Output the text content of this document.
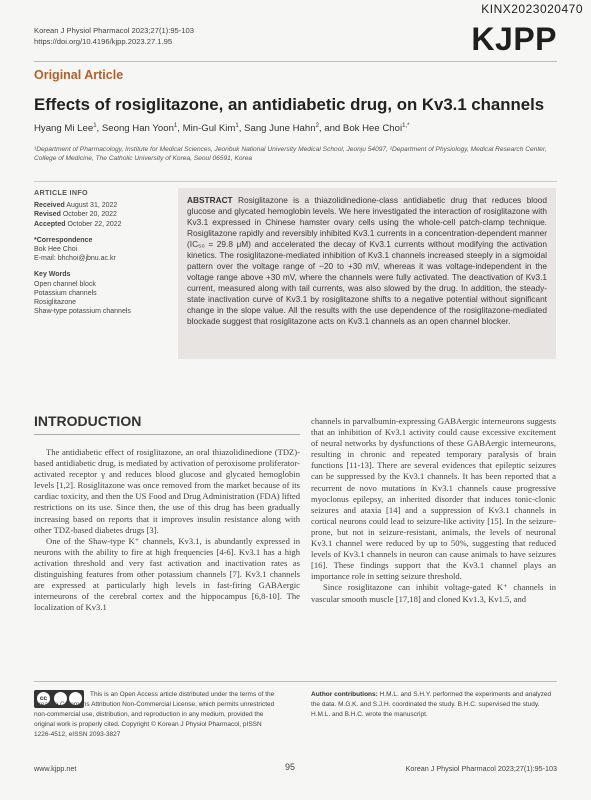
KINX2023020470
Korean J Physiol Pharmacol 2023;27(1):95-103
https://doi.org/10.4196/kjpp.2023.27.1.95	KJPP
Original Article
Effects of rosiglitazone, an antidiabetic drug, on Kv3.1 channels
Hyang Mi Lee$^1$, Seong Han Yoon$^1$, Min-Gul Kim$^1$, Sang June Hahn$^2$, and Bok Hee Choi$^{1,*}$
¹Department of Pharmacology, Institute for Medical Sciences, Jeonbuk National University Medical School, Jeonju 54097, ²Department of Physiology, Medical Research Center, College of Medicine, The Catholic University of Korea, Seoul 06591, Korea
ARTICLE INFO
Received August 31, 2022
Revised October 20, 2022
Accepted October 22, 2022
*Correspondence
Bok Hee Choi
E-mail: bhchoi@jbnu.ac.kr
Key Words
Open channel block
Potassium channels
Rosiglitazone
Shaw-type potassium channels
ABSTRACT Rosiglitazone is a thiazolidinedione-class antidiabetic drug that reduces blood glucose and glycated hemoglobin levels. We here investigated the interaction of rosiglitazone with Kv3.1 expressed in Chinese hamster ovary cells using the whole-cell patch-clamp technique. Rosiglitazone rapidly and reversibly inhibited Kv3.1 currents in a concentration-dependent manner (IC₅₀ = 29.8 μM) and accelerated the decay of Kv3.1 currents without modifying the activation kinetics. The rosiglitazone-mediated inhibition of Kv3.1 channels increased steeply in a sigmoidal pattern over the voltage range of −20 to +30 mV, whereas it was voltage-independent in the voltage range above +30 mV, where the channels were fully activated. The deactivation of Kv3.1 current, measured along with tail currents, was also slowed by the drug. In addition, the steady-state inactivation curve of Kv3.1 by rosiglitazone shifts to a negative potential without significant change in the slope value. All the results with the use dependence of the rosiglitazone-mediated blockade suggest that rosiglitazone acts on Kv3.1 channels as an open channel blocker.
INTRODUCTION

The antidiabetic effect of rosiglitazone, an oral thiazolidinedione (TDZ)-based antidiabetic drug, is mediated by activation of peroxisome proliferator-activated receptor γ and reduces blood glucose and glycated hemoglobin levels [1,2]. Rosiglitazone was once removed from the market because of its cardiac toxicity, and then the US Food and Drug Administration (FDA) lifted restrictions on its use. Since then, the use of this drug has been gradually increasing based on reports that it improves insulin resistance along with other TDZ-based diabetes drugs [3].

One of the Shaw-type K⁺ channels, Kv3.1, is abundantly expressed in neurons with the ability to fire at high frequencies [4-6]. Kv3.1 has a high activation threshold and very fast activation and inactivation rates as distinguishing features from other potassium channels [7]. Kv3.1 channels are expressed at particularly high levels in fast-firing GABAergic interneurons of the cerebral cortex and the hippocampus [6,8-10]. The localization of Kv3.1

channels in parvalbumin-expressing GABAergic interneurons suggests that an inhibition of Kv3.1 activity could cause excessive excitement of neural networks by dysfunctions of these GABAergic interneurons, resulting in chronic and repeated temporary paralysis of brain functions [11-13]. There are several evidences that epileptic seizures can be suppressed by the Kv3.1 channels. It has been reported that a recurrent de novo mutations in Kv3.1 channels cause progressive myoclonus epilepsy, an inherited disorder that induces tonic-clonic seizures and ataxia [14] and a suppression of Kv3.1 channels in cortical neurons could lead to seizure-like activity [15]. In the seizure-prone, but not in seizure-resistant, animals, the levels of neuronal Kv3.1 channel were reduced by up to 50%, suggesting that reduced levels of Kv3.1 channels in neuron can cause animals to have seizures [16]. These findings support that the Kv3.1 channel plays an importance role in setting seizure threshold.

Since rosiglitazone can inhibit voltage-gated K⁺ channels in vascular smooth muscle [17,18] and cloned Kv1.3, Kv1.5, and

cc
This is an Open Access article distributed under the terms of the Creative Commons Attribution Non-Commercial License, which permits unrestricted non-commercial use, distribution, and reproduction in any medium, provided the original work is properly cited. Copyright © Korean J Physiol Pharmacol, pISSN 1226-4512, eISSN 2093-3827
Author contributions: H.M.L. and S.H.Y. performed the experiments and analyzed the data. M.G.K. and S.J.H. coordinated the study. B.H.C. supervised the study. H.M.L. and B.H.C. wrote the manuscript.
www.kjpp.net	95	Korean J Physiol Pharmacol 2023;27(1):95-103
